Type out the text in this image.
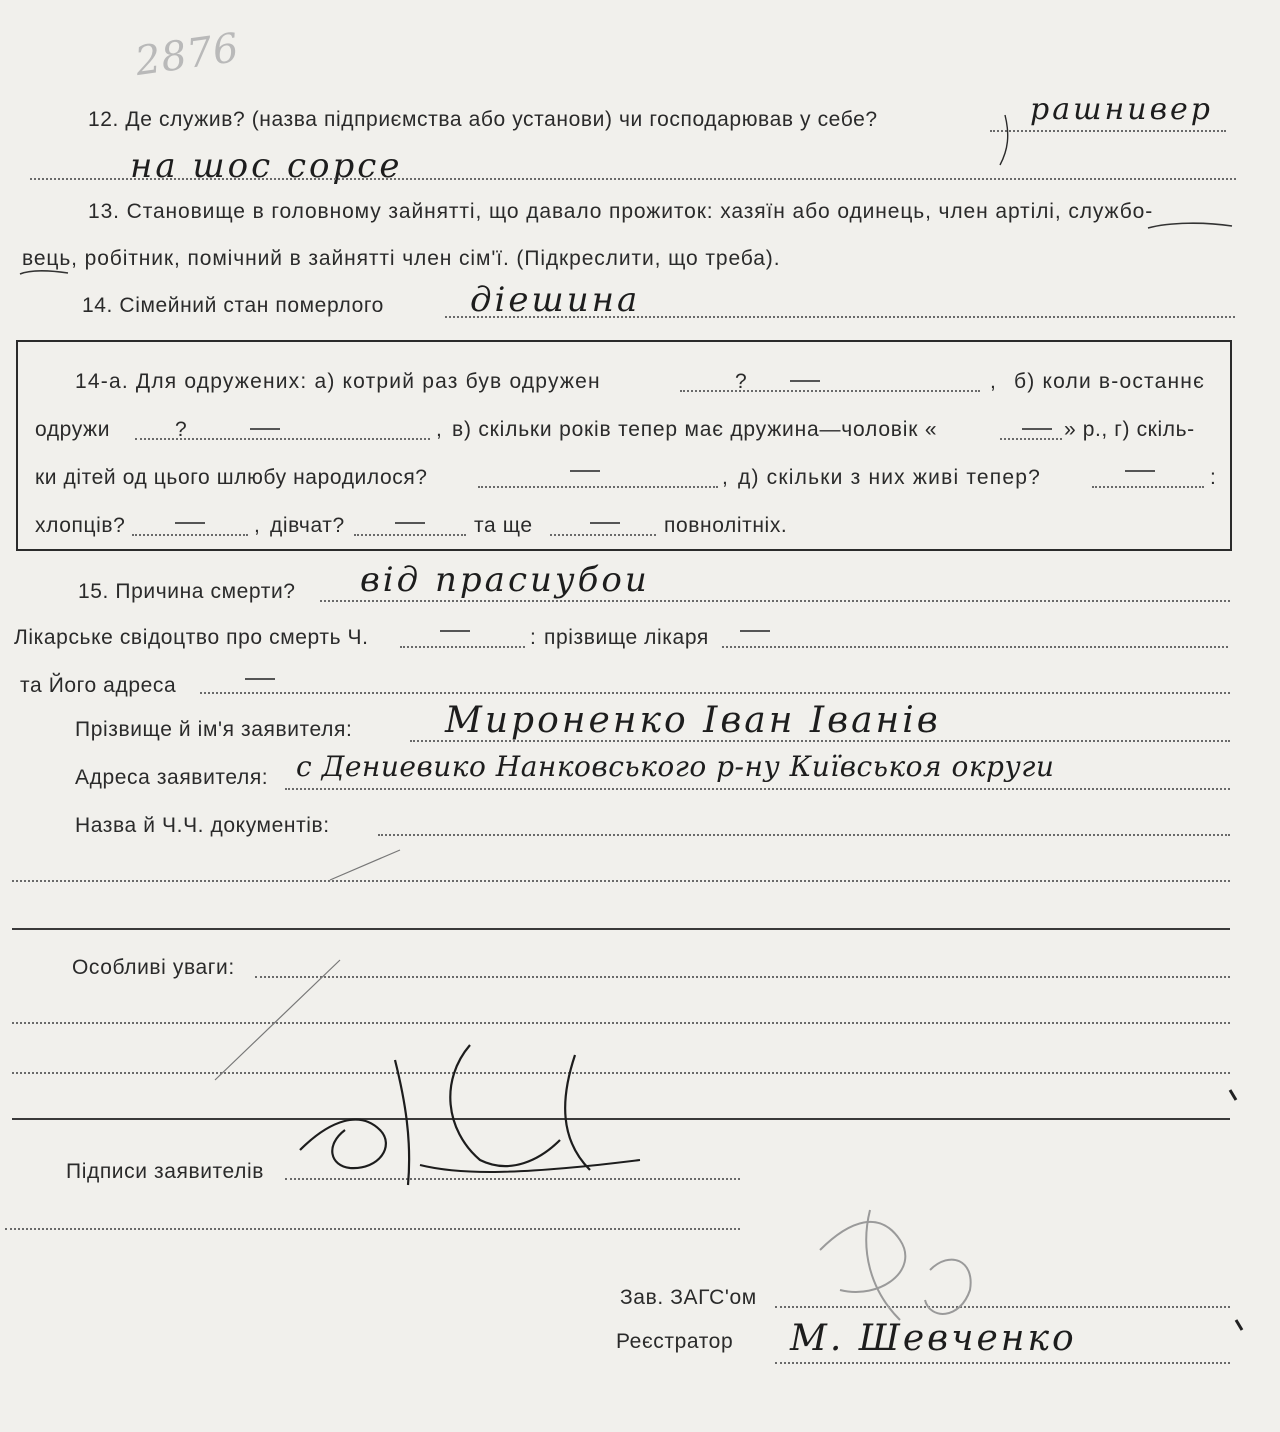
2876
12. Де служив? (назва підприємства або установи) чи господарював у себе?	рашнивер
на шос сорсе
13. Становище в головному зайнятті, що давало прожиток: хазяїн або одинець, член артілі, службо-
вець, робітник, помічний в зайнятті член сім'ї. (Підкреслити, що треба).
14. Сімейний стан померлого	діешина
14-а. Для одружених: а) котрий раз був одружен	?	, б) коли в-останнє
одружи	?	, в) скільки років тепер має дружина—чоловік «	» р., г) скіль-
ки дітей од цього шлюбу народилося?	, д) скільки з них живі тепер?	:
хлопців?	, дівчат?	та ще	повнолітніх.
15. Причина смерти? від прасиубои
Лікарське свідоцтво про смерть Ч.	: прізвище лікаря
та Його адреса
Прізвище й ім'я заявителя:	Мироненко Іван Іванів
Адреса заявителя: с Дениевико Нанковського р-ну Київськоя округи
Назва й Ч.Ч. документів:
Особливі уваги:
Підписи заявителів
Зав. ЗАГС'ом
Реєстратор М. Шевченко
